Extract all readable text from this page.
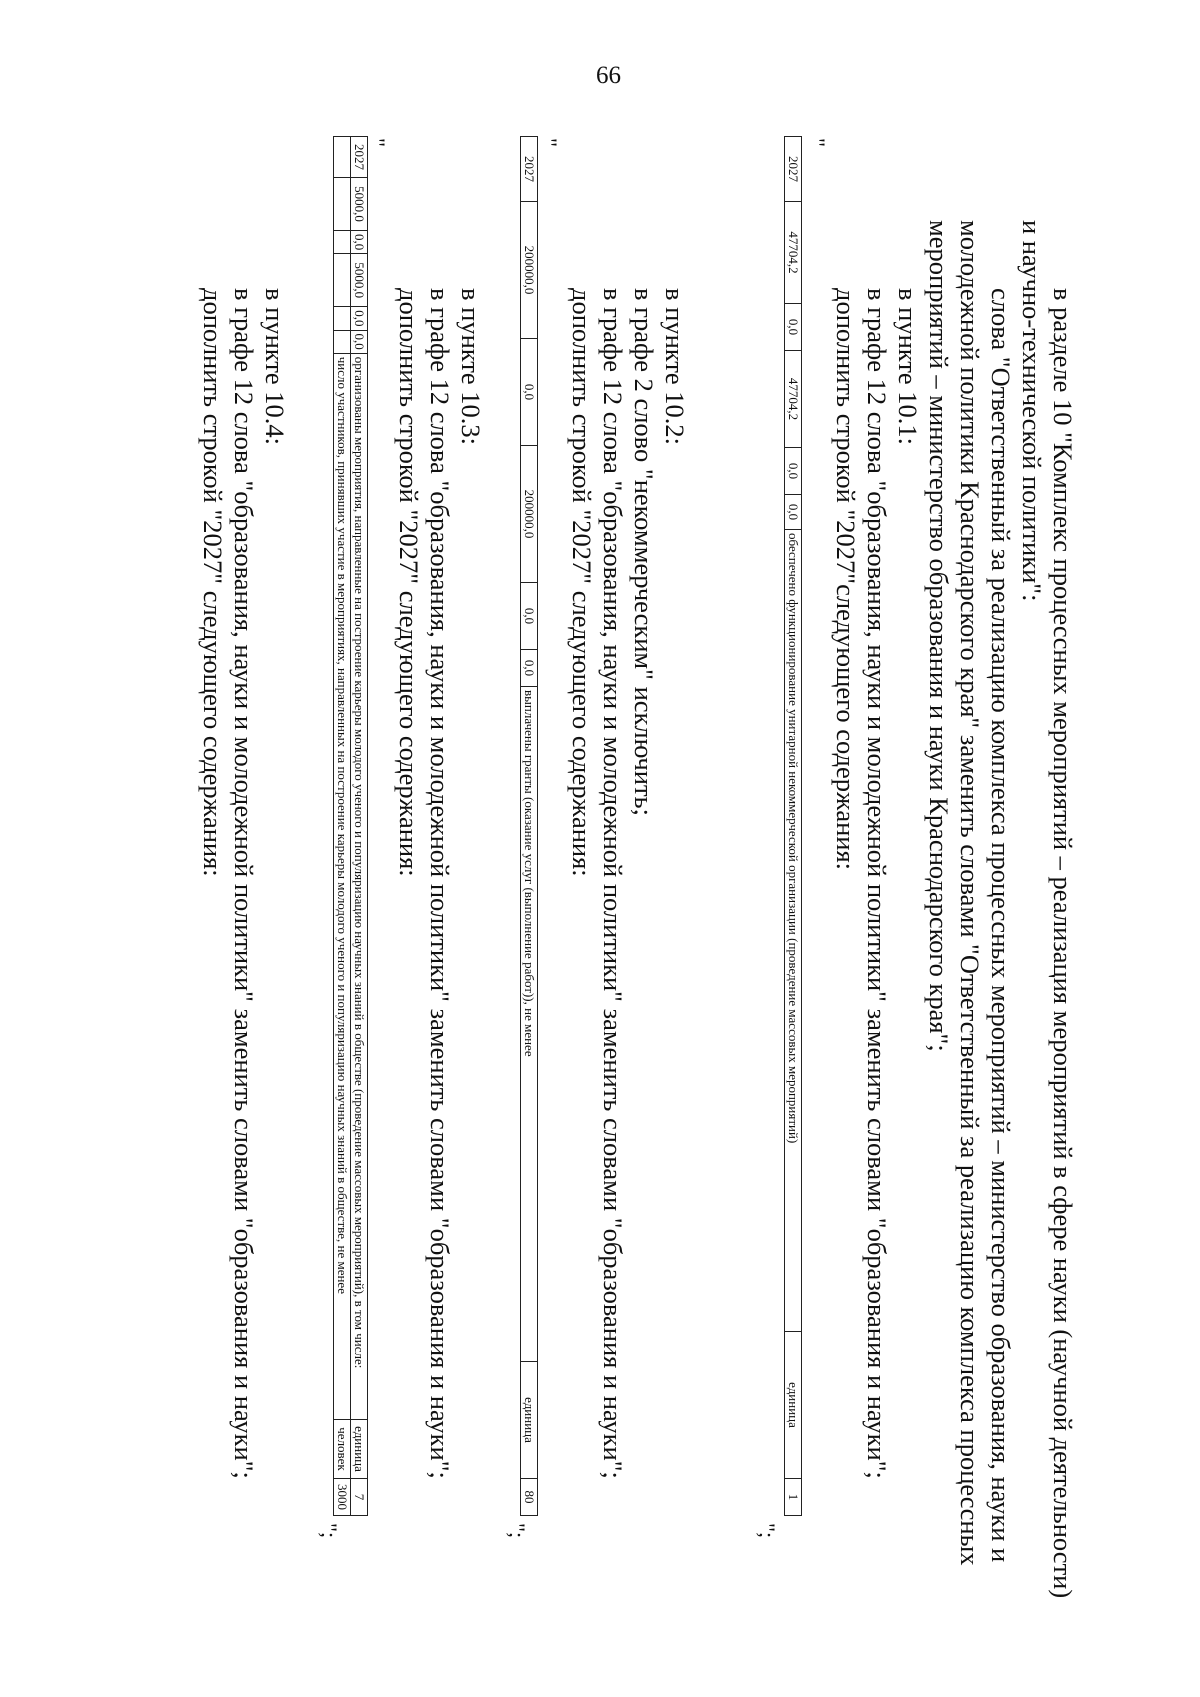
66
в разделе 10 "Комплекс процессных мероприятий – реализация мероприятий в сфере науки (научной деятельности)
и научно-технической политики":
слова "Ответственный за реализацию комплекса процессных мероприятий – министерство образования, науки и
молодежной политики Краснодарского края" заменить словами "Ответственный за реализацию комплекса процессных
мероприятий – министерство образования и науки Краснодарского края";
в пункте 10.1:
в графе 12 слова "образования, науки и молодежной политики" заменить словами "образования и науки";
дополнить строкой "2027"следующего содержания:
"
2027	47704,2	0,0	47704,2	0,0	0,0	обеспечено функционирование унитарной некоммерческой организации (проведение массовых мероприятий)	единица	1
";
в пункте 10.2:
в графе 2 слово "некоммерческим" исключить;
в графе 12 слова "образования, науки и молодежной политики" заменить словами "образования и науки";
дополнить строкой "2027" следующего содержания:
"
2027	200000,0	0,0	200000,0	0,0	0,0	выплачены гранты (оказание услуг (выполнение работ)), не менее	единица	80
";
в пункте 10.3:
в графе 12 слова "образования, науки и молодежной политики" заменить словами "образования и науки";
дополнить строкой "2027" следующего содержания:
"
2027	5000,0	0,0	5000,0	0,0	0,0	организованы мероприятия, направленные на построение карьеры молодого ученого и популяризацию научных знаний в обществе (проведение массовых мероприятий), в том числе:	единица	7
						число участников, принявших участие в мероприятиях, направленных на построение карьеры молодого ученого и популяризацию научных знаний в обществе, не менее	человек	3000
";
в пункте 10.4:
в графе 12 слова "образования, науки и молодежной политики" заменить словами "образования и науки";
дополнить строкой "2027" следующего содержания:
